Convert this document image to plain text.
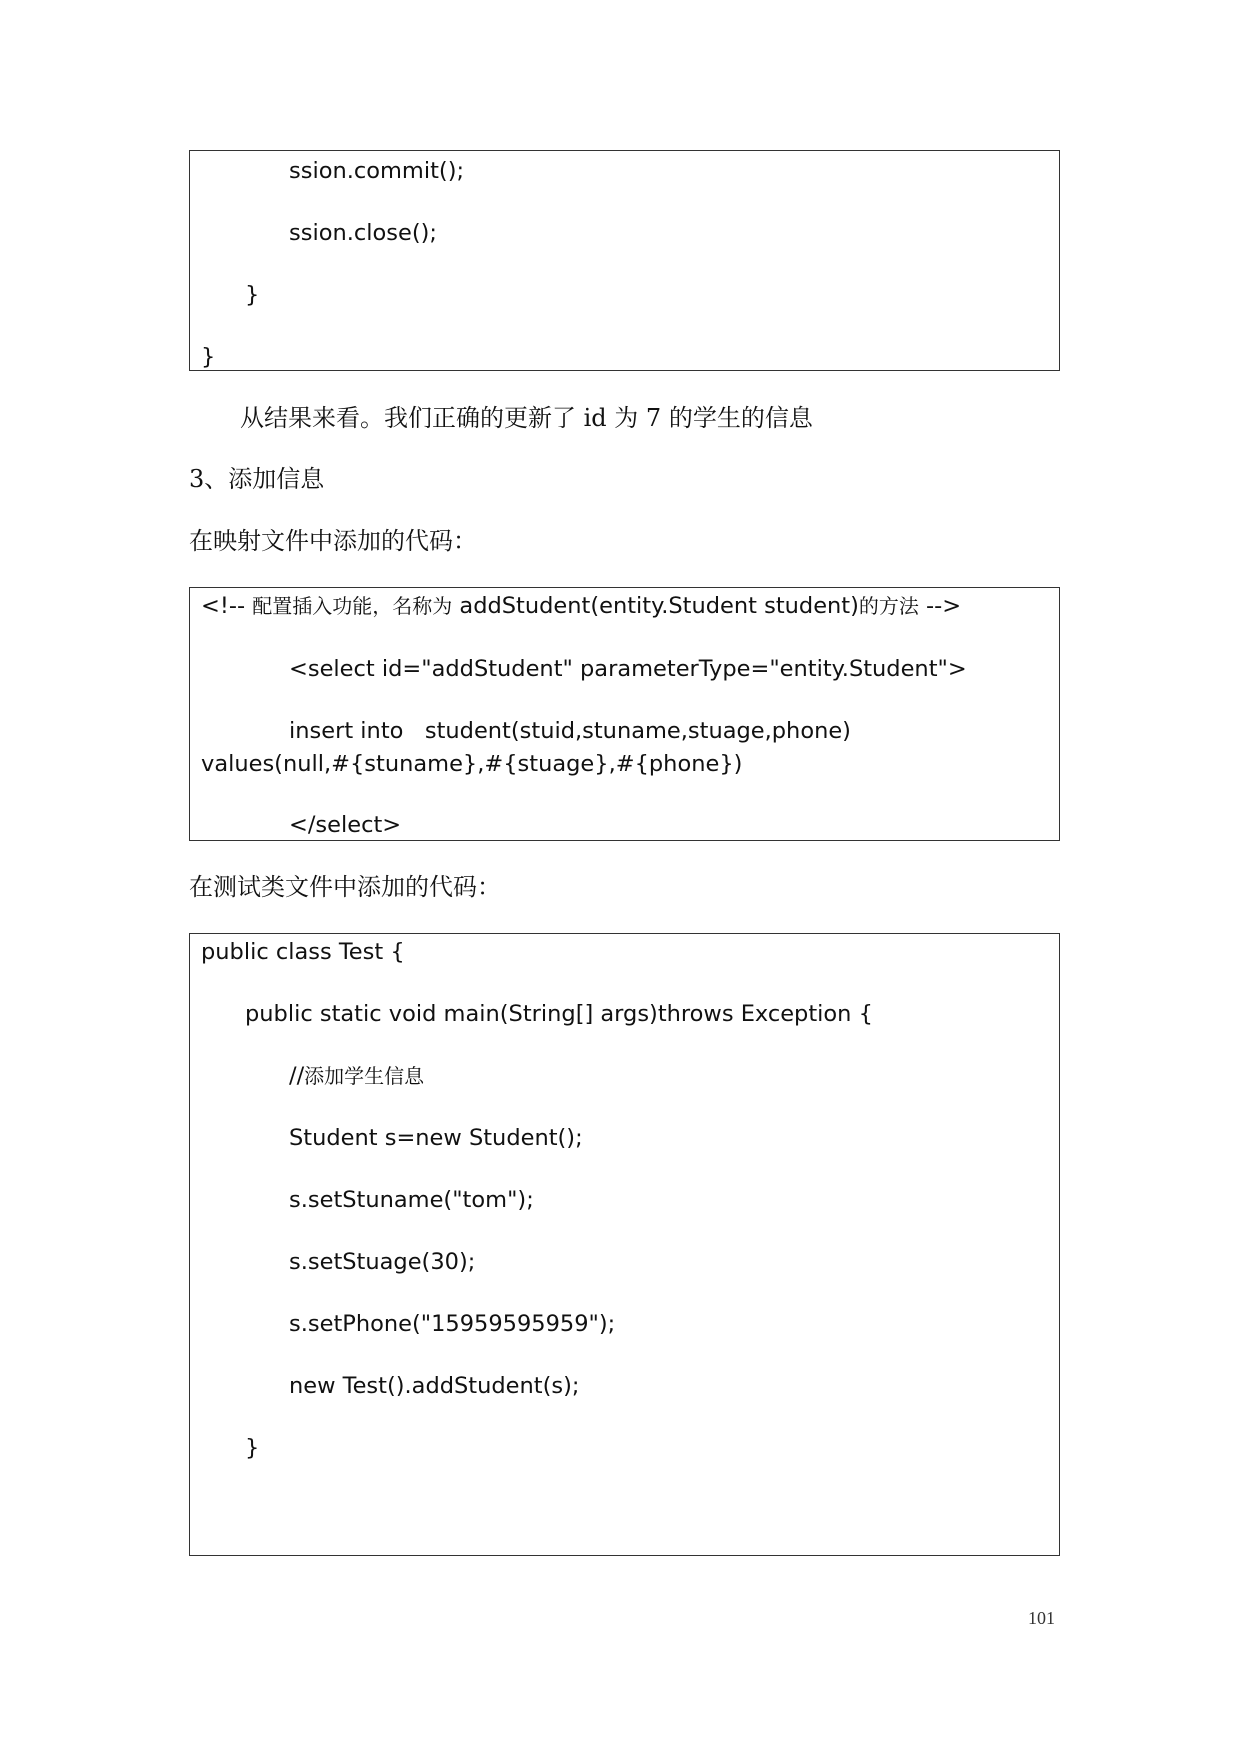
ssion.commit();
ssion.close();
}
}
从结果来看。我们正确的更新了 id 为 7 的学生的信息
3、添加信息
在映射文件中添加的代码：
<!-- 配置插入功能，名称为 addStudent(entity.Student student)的方法 -->
<select id="addStudent" parameterType="entity.Student">
insert into   student(stuid,stuname,stuage,phone)
values(null,#{stuname},#{stuage},#{phone})
</select>
在测试类文件中添加的代码：
public class Test {
public static void main(String[] args)throws Exception {
//添加学生信息
Student s=new Student();
s.setStuname("tom");
s.setStuage(30);
s.setPhone("15959595959");
new Test().addStudent(s);
}
101
